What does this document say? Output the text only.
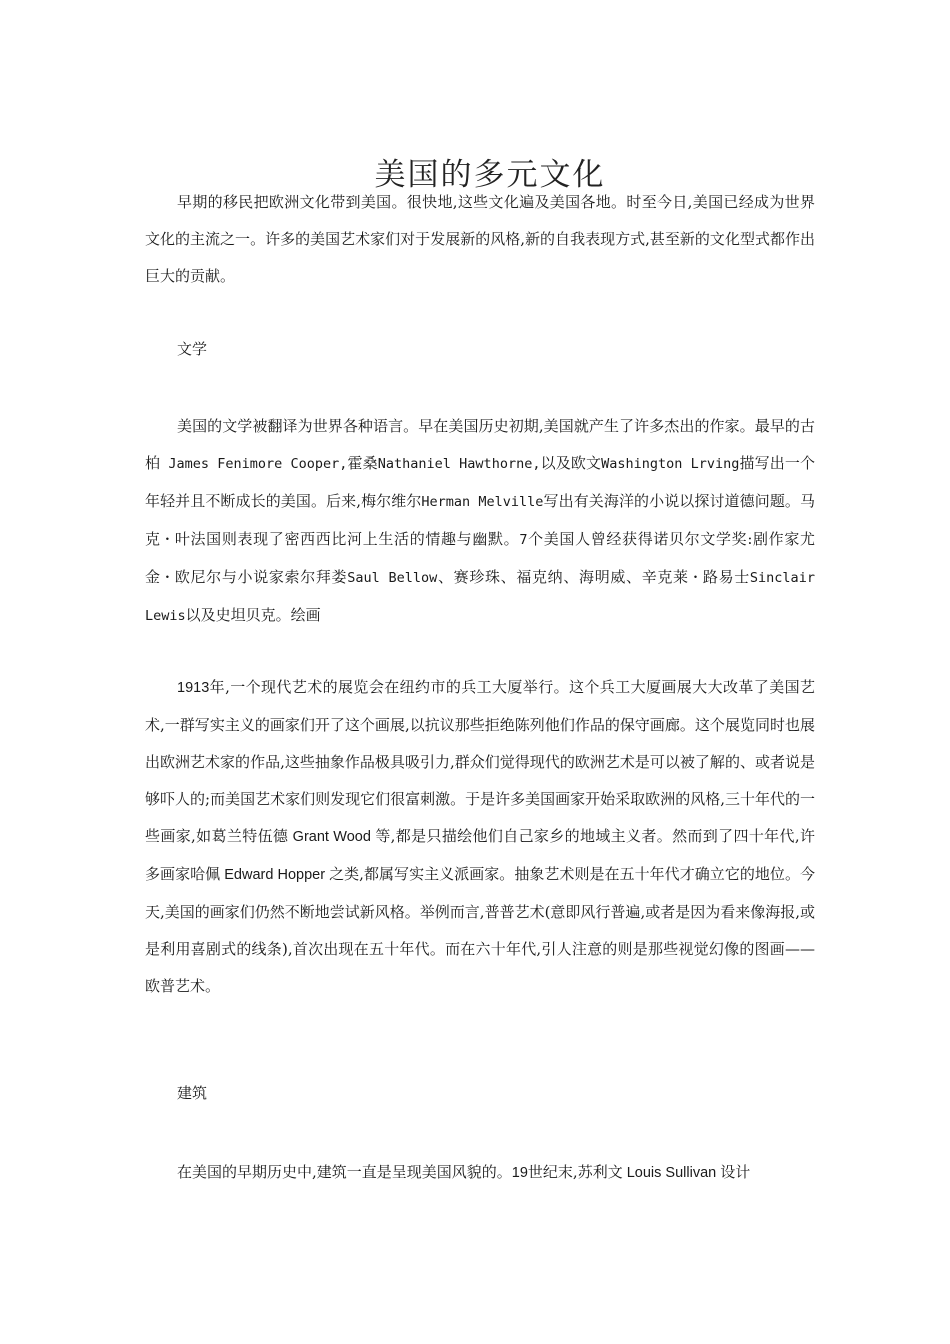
美国的多元文化

早期的移民把欧洲文化带到美国。很快地,这些文化遍及美国各地。时至今日,美国已经成为世界文化的主流之一。许多的美国艺术家们对于发展新的风格,新的自我表现方式,甚至新的文化型式都作出巨大的贡献。

文学

美国的文学被翻译为世界各种语言。早在美国历史初期,美国就产生了许多杰出的作家。最早的古柏 James Fenimore Cooper,霍桑Nathaniel Hawthorne,以及欧文Washington Lrving描写出一个年轻并且不断成长的美国。后来,梅尔维尔Herman Melville写出有关海洋的小说以探讨道德问题。马克・叶法国则表现了密西西比河上生活的情趣与幽默。7个美国人曾经获得诺贝尔文学奖:剧作家尤金・欧尼尔与小说家索尔拜娄Saul Bellow、赛珍珠、福克纳、海明威、辛克莱・路易士Sinclair Lewis以及史坦贝克。绘画

1913年,一个现代艺术的展览会在纽约市的兵工大厦举行。这个兵工大厦画展大大改革了美国艺术,一群写实主义的画家们开了这个画展,以抗议那些拒绝陈列他们作品的保守画廊。这个展览同时也展出欧洲艺术家的作品,这些抽象作品极具吸引力,群众们觉得现代的欧洲艺术是可以被了解的、或者说是够吓人的;而美国艺术家们则发现它们很富刺激。于是许多美国画家开始采取欧洲的风格,三十年代的一些画家,如葛兰特伍德 Grant Wood 等,都是只描绘他们自己家乡的地域主义者。然而到了四十年代,许多画家哈佩 Edward Hopper 之类,都属写实主义派画家。抽象艺术则是在五十年代才确立它的地位。今天,美国的画家们仍然不断地尝试新风格。举例而言,普普艺术(意即风行普遍,或者是因为看来像海报,或是利用喜剧式的线条),首次出现在五十年代。而在六十年代,引人注意的则是那些视觉幻像的图画——欧普艺术。

建筑

在美国的早期历史中,建筑一直是呈现美国风貌的。19世纪末,苏利文 Louis Sullivan 设计
